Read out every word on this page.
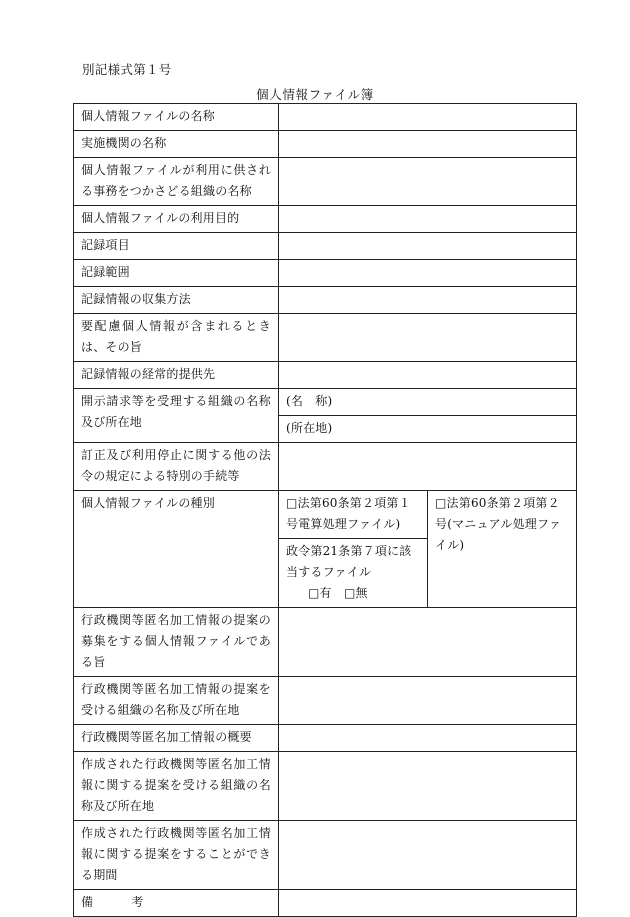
別記様式第１号
個人情報ファイル簿
個人情報ファイルの名称		
実施機関の名称		
個人情報ファイルが利用に供される事務をつかさどる組織の名称		
個人情報ファイルの利用目的		
記録項目		
記録範囲		
記録情報の収集方法		
要配慮個人情報が含まれるときは、その旨		
記録情報の経常的提供先		
開示請求等を受理する組織の名称及び所在地	(名　称)	
	(所在地)	
訂正及び利用停止に関する他の法令の規定による特別の手続等		
個人情報ファイルの種別	□法第60条第２項第１号電算処理ファイル)	□法第60条第２項第２号(マニュアル処理ファイル)

	政令第21条第７項に該当するファイル
□有　 □無	

行政機関等匿名加工情報の提案の募集をする個人情報ファイルである旨		
行政機関等匿名加工情報の提案を受ける組織の名称及び所在地		
行政機関等匿名加工情報の概要		
作成された行政機関等匿名加工情報に関する提案を受ける組織の名称及び所在地		
作成された行政機関等匿名加工情報に関する提案をすることができる期間		
備 考		
